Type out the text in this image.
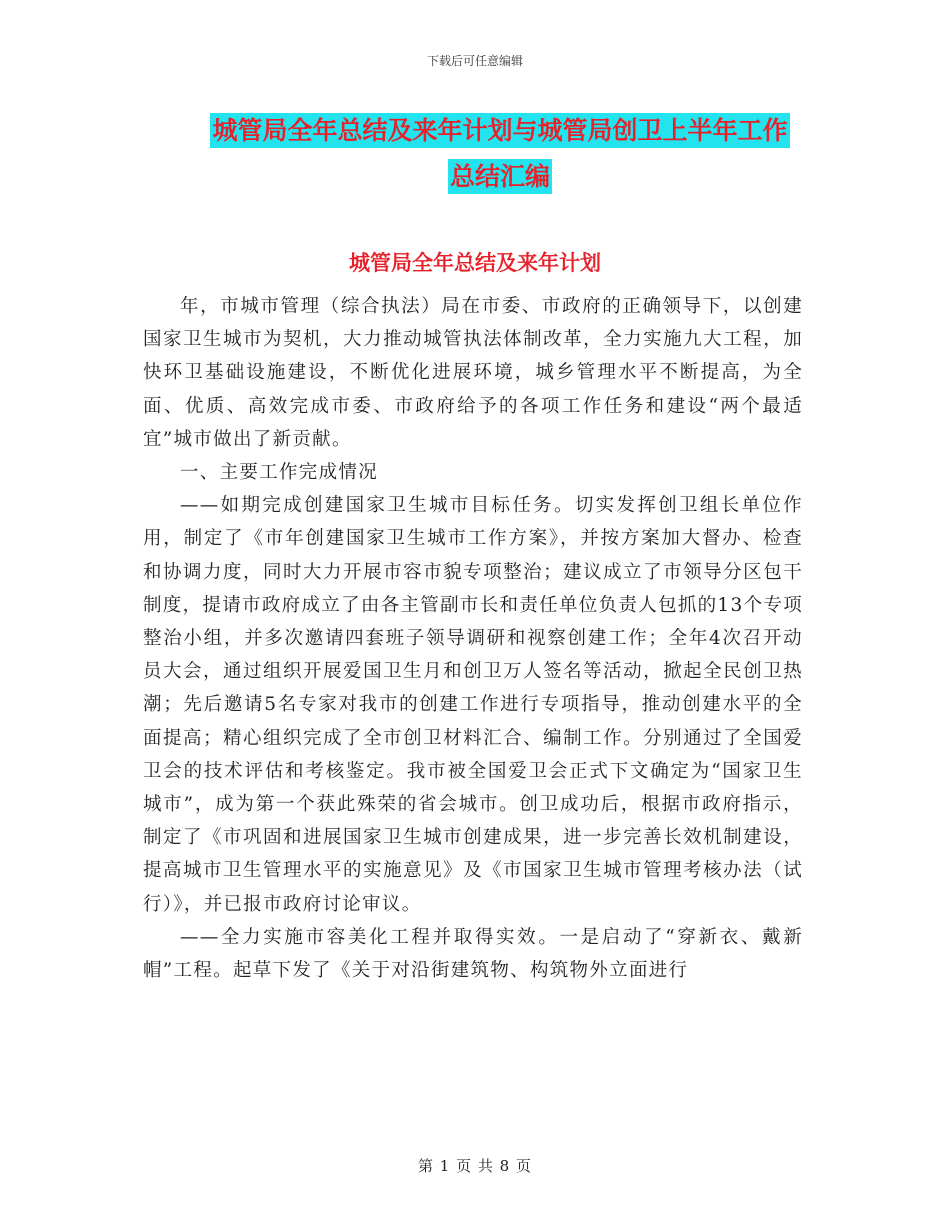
下载后可任意编辑
城管局全年总结及来年计划与城管局创卫上半年工作
总结汇编
城管局全年总结及来年计划

年，市城市管理（综合执法）局在市委、市政府的正确领导下，以创建国家卫生城市为契机，大力推动城管执法体制改革，全力实施九大工程，加快环卫基础设施建设，不断优化进展环境，城乡管理水平不断提高，为全面、优质、高效完成市委、市政府给予的各项工作任务和建设“两个最适宜”城市做出了新贡献。

一、主要工作完成情况

——如期完成创建国家卫生城市目标任务。切实发挥创卫组长单位作用，制定了《市年创建国家卫生城市工作方案》，并按方案加大督办、检查和协调力度，同时大力开展市容市貌专项整治；建议成立了市领导分区包干制度，提请市政府成立了由各主管副市长和责任单位负责人包抓的13个专项整治小组，并多次邀请四套班子领导调研和视察创建工作；全年4次召开动员大会，通过组织开展爱国卫生月和创卫万人签名等活动，掀起全民创卫热潮；先后邀请5名专家对我市的创建工作进行专项指导，推动创建水平的全面提高；精心组织完成了全市创卫材料汇合、编制工作。分别通过了全国爱卫会的技术评估和考核鉴定。我市被全国爱卫会正式下文确定为“国家卫生城市”，成为第一个获此殊荣的省会城市。创卫成功后，根据市政府指示，制定了《市巩固和进展国家卫生城市创建成果，进一步完善长效机制建设，提高城市卫生管理水平的实施意见》及《市国家卫生城市管理考核办法（试行）》，并已报市政府讨论审议。

——全力实施市容美化工程并取得实效。一是启动了“穿新衣、戴新帽”工程。起草下发了《关于对沿街建筑物、构筑物外立面进行

第 1 页 共 8 页
